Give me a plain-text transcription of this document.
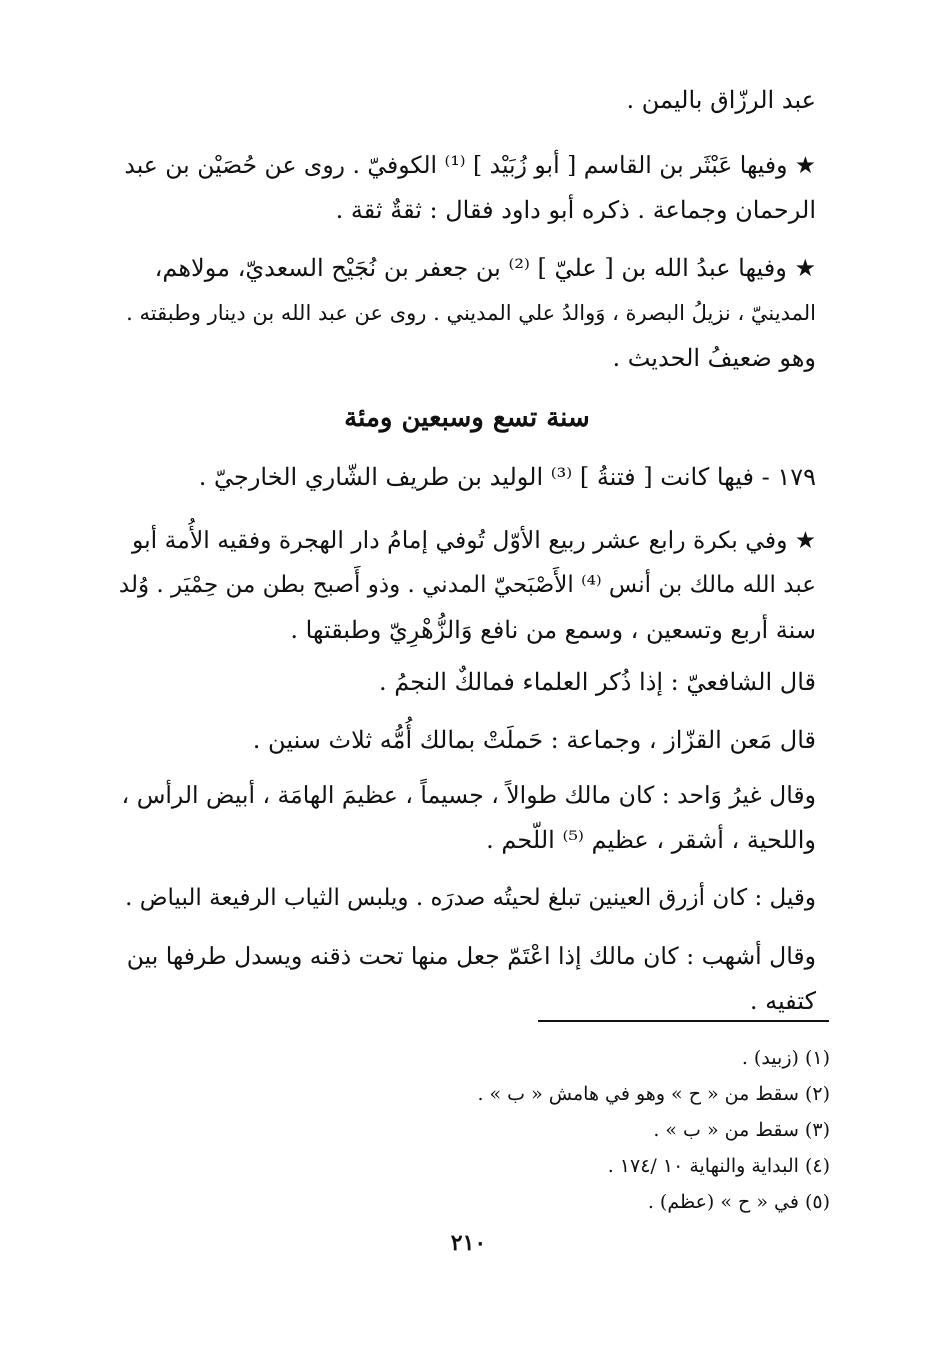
عبد الرزّاق باليمن .
★ وفيها عَبْثَر بن القاسم [ أبو زُبَيْد ] ⁽¹⁾ الكوفيّ . روى عن حُصَيْن بن عبد
الرحمان وجماعة . ذكره أبو داود فقال : ثقةٌ ثقة .
★ وفيها عبدُ الله بن [ عليّ ] ⁽²⁾ بن جعفر بن نُجَيْح السعديّ، مولاهم،
المدينيّ ، نزيلُ البصرة ، وَوالدُ علي المديني . روى عن عبد الله بن دينار وطبقته .
وهو ضعيفُ الحديث .
سنة تسع وسبعين ومئة
١٧٩ - فيها كانت [ فتنةُ ] ⁽³⁾ الوليد بن طريف الشّاري الخارجيّ .
★ وفي بكرة رابع عشر ربيع الأوّل تُوفي إمامُ دار الهجرة وفقيه الأُمة أبو
عبد الله مالك بن أنس ⁽⁴⁾ الأَصْبَحيّ المدني . وذو أَصبح بطن من حِمْيَر . وُلد
سنة أربع وتسعين ، وسمع من نافع وَالزُّهْرِيّ وطبقتها .
قال الشافعيّ : إذا ذُكر العلماء فمالكٌ النجمُ .
قال مَعن القزّاز ، وجماعة : حَملَتْ بمالك أُمُّه ثلاث سنين .
وقال غيرُ وَاحد : كان مالك طوالاً ، جسيماً ، عظيمَ الهامَة ، أبيض الرأس ،
واللحية ، أشقر ، عظيم ⁽⁵⁾ اللّحم .
وقيل : كان أزرق العينين تبلغ لحيتُه صدرَه . ويلبس الثياب الرفيعة البياض .
وقال أشهب : كان مالك إذا اعْتَمّ جعل منها تحت ذقنه ويسدل طرفها بين
كتفيه .
(١) (زبيد) .
(٢) سقط من « ح » وهو في هامش « ب » .
(٣) سقط من « ب » .
(٤) البداية والنهاية ١٠ /١٧٤ .
(٥) في « ح » (عظم) .
٢١٠
